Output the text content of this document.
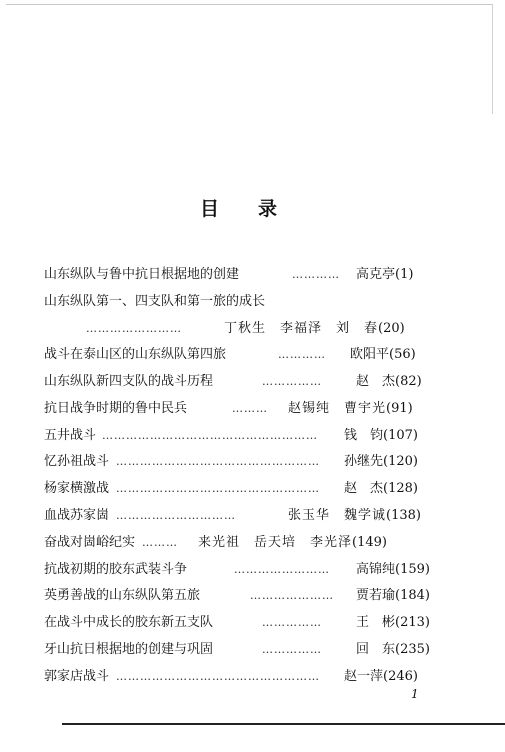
目 录
山东纵队与鲁中抗日根据地的创建	…………	高克亭(1)
山东纵队第一、四支队和第一旅的成长
……………………	丁秋生　李福泽　刘　春(20)
战斗在泰山区的山东纵队第四旅	…………	欧阳平(56)
山东纵队新四支队的战斗历程	……………	赵　杰(82)
抗日战争时期的鲁中民兵	………	赵锡纯　曹宇光(91)
五井战斗 ………………………………………………	钱　钧(107)
忆孙祖战斗 ……………………………………………	孙继先(120)
杨家横激战 ……………………………………………	赵　杰(128)
血战苏家崮 …………………………	张玉华　魏学诚(138)
奋战对崮峪纪实 ………	来光祖　岳天培　李光泽(149)
抗战初期的胶东武装斗争	……………………	高锦纯(159)
英勇善战的山东纵队第五旅	…………………	贾若瑜(184)
在战斗中成长的胶东新五支队	……………	王　彬(213)
牙山抗日根据地的创建与巩固	……………	回　东(235)
郭家店战斗 ……………………………………………	赵一萍(246)
1
